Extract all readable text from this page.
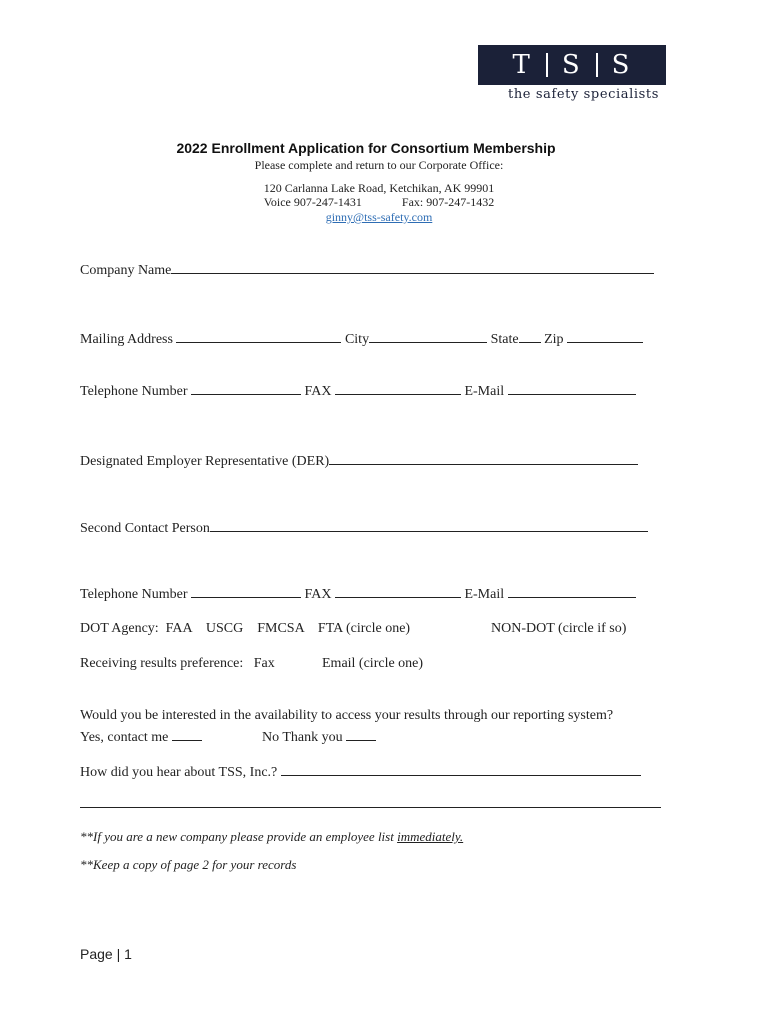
T S S
the safety specialists
2022 Enrollment Application for Consortium Membership
Please complete and return to our Corporate Office:
120 Carlanna Lake Road, Ketchikan, AK 99901
Voice 907-247-1431	Fax: 907-247-1432
ginny@tss-safety.com
Company Name
Mailing Address	City	State Zip
Telephone Number	FAX	E-Mail
Designated Employer Representative (DER)
Second Contact Person
Telephone Number	FAX	E-Mail
DOT Agency:  FAA    USCG    FMCSA    FTA (circle one)	NON-DOT (circle if so)
Receiving results preference:   Fax	Email (circle one)
Would you be interested in the availability to access your results through our reporting system?
Yes, contact me	No Thank you
How did you hear about TSS, Inc.?
**If you are a new company please provide an employee list immediately.
**Keep a copy of page 2 for your records
Page | 1
